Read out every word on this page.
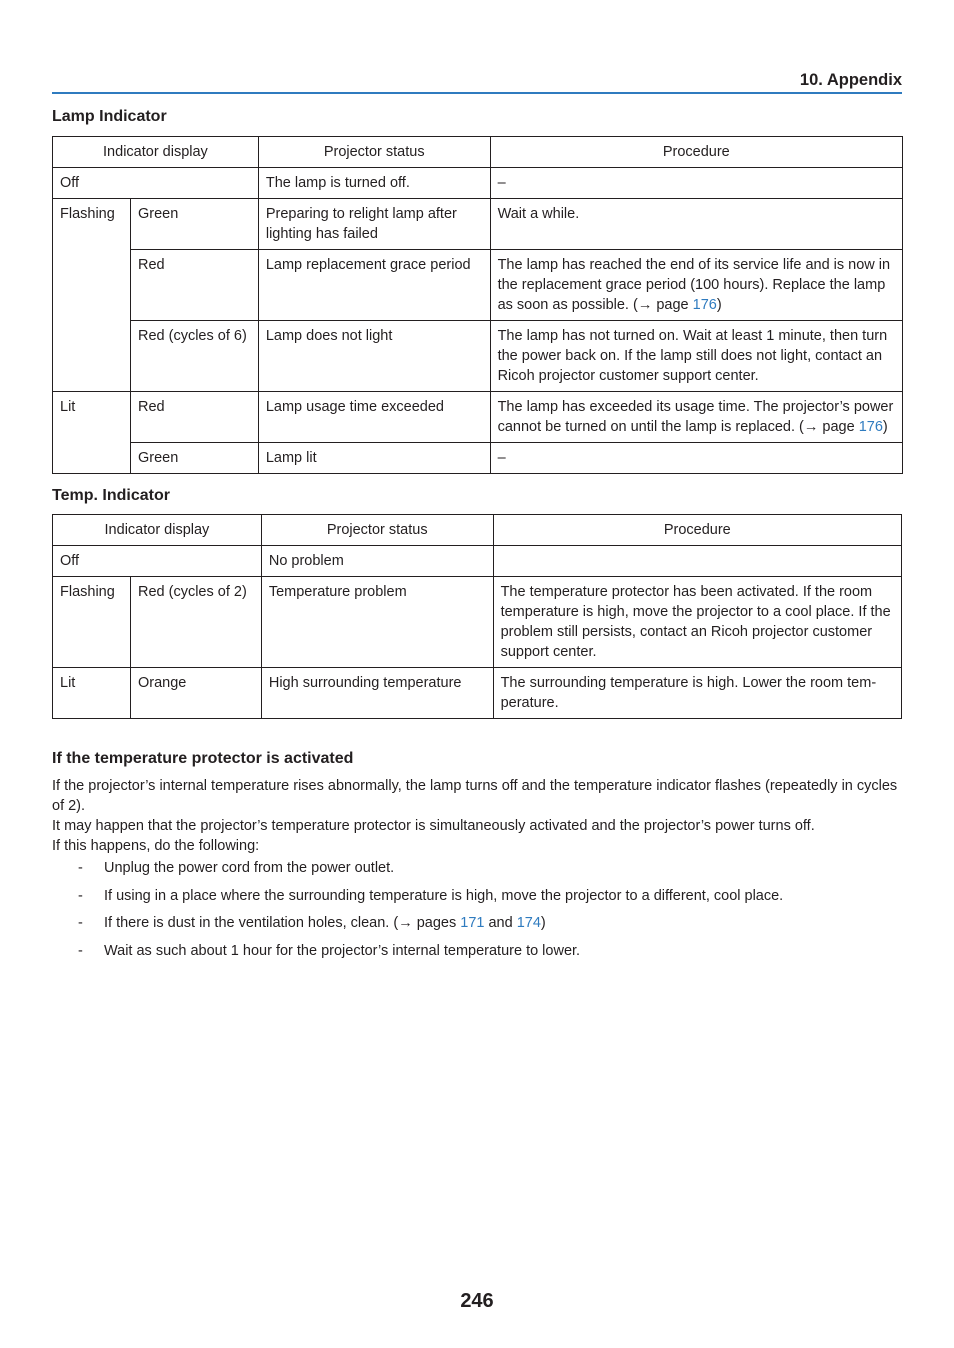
10. Appendix
Lamp Indicator
Indicator display		Projector status	Procedure
Off		The lamp is turned off.	–
Flashing	Green	Preparing to relight lamp after lighting has failed	Wait a while.
	Red	Lamp replacement grace period	The lamp has reached the end of its service life and is now in the replacement grace period (100 hours). Replace the lamp as soon as possible. (→ page 176)
	Red (cycles of 6)	Lamp does not light	The lamp has not turned on. Wait at least 1 minute, then turn the power back on. If the lamp still does not light, contact an Ricoh projector customer support center.
Lit	Red	Lamp usage time exceeded	The lamp has exceeded its usage time. The projector’s power cannot be turned on until the lamp is replaced. (→ page 176)
	Green	Lamp lit	–
Temp. Indicator
Indicator display		Projector status	Procedure
Off		No problem	
Flashing	Red (cycles of 2)	Temperature problem	The temperature protector has been activated. If the room temperature is high, move the projector to a cool place. If the problem still persists, contact an Ricoh projector customer support center.
Lit	Orange	High surrounding temperature	The surrounding temperature is high. Lower the room tem-perature.
If the temperature protector is activated
If the projector’s internal temperature rises abnormally, the lamp turns off and the temperature indicator flashes (repeatedly in cycles of 2).
It may happen that the projector’s temperature protector is simultaneously activated and the projector’s power turns off.
If this happens, do the following:
- Unplug the power cord from the power outlet.
- If using in a place where the surrounding temperature is high, move the projector to a different, cool place.
- If there is dust in the ventilation holes, clean. (→ pages 171 and 174)
- Wait as such about 1 hour for the projector’s internal temperature to lower.
246
